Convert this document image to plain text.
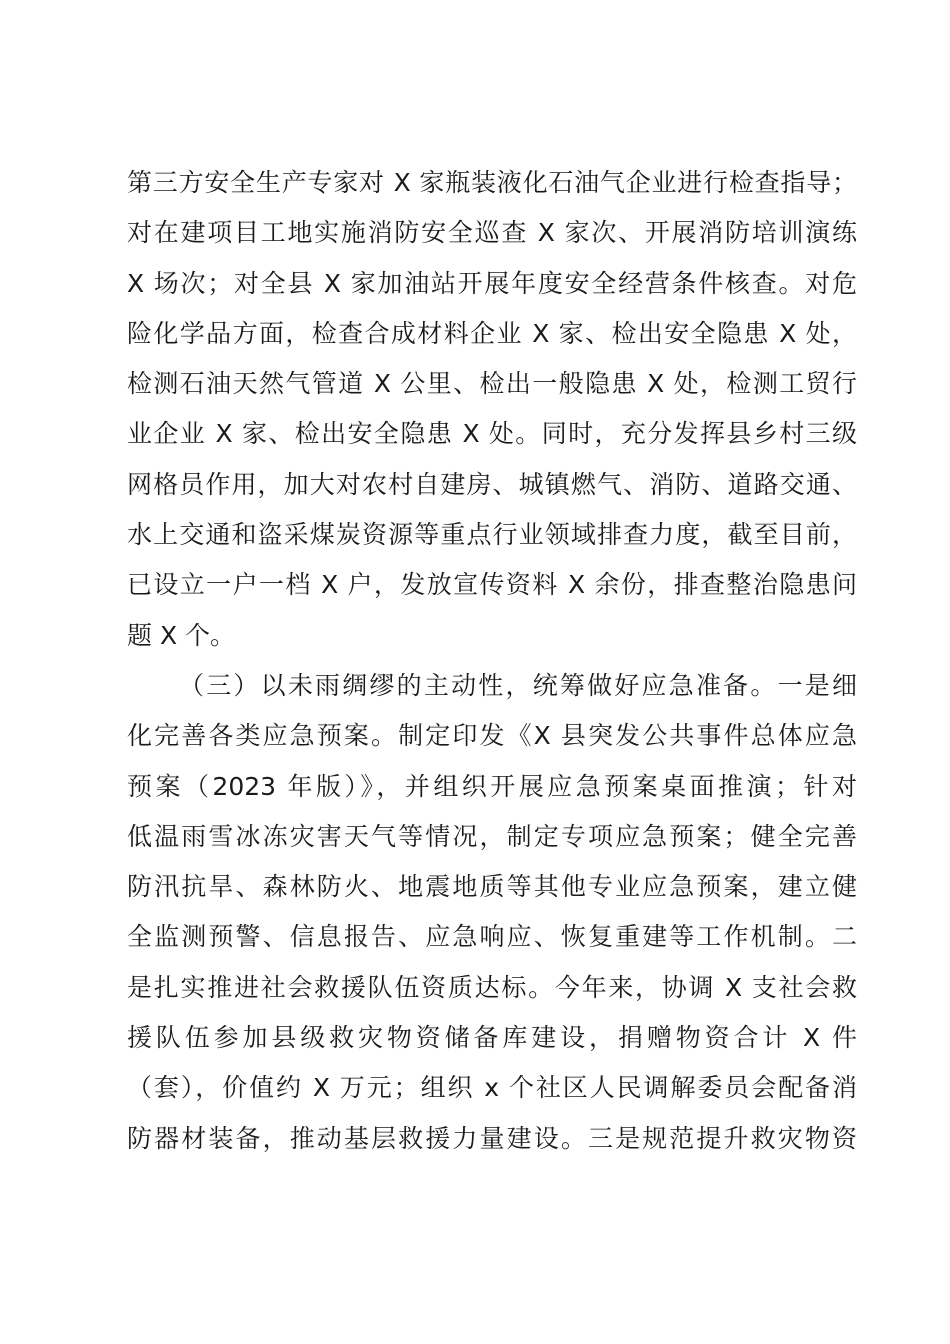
第三方安全生产专家对 X 家瓶装液化石油气企业进行检查指导；
对在建项目工地实施消防安全巡查 X 家次、开展消防培训演练
X 场次；对全县 X 家加油站开展年度安全经营条件核查。对危
险化学品方面，检查合成材料企业 X 家、检出安全隐患 X 处，
检测石油天然气管道 X 公里、检出一般隐患 X 处，检测工贸行
业企业 X 家、检出安全隐患 X 处。同时，充分发挥县乡村三级
网格员作用，加大对农村自建房、城镇燃气、消防、道路交通、
水上交通和盗采煤炭资源等重点行业领域排查力度，截至目前，
已设立一户一档 X 户，发放宣传资料 X 余份，排查整治隐患问
题 X 个。
（三）以未雨绸缪的主动性，统筹做好应急准备。一是细
化完善各类应急预案。制定印发《X 县突发公共事件总体应急
预案（2023 年版）》，并组织开展应急预案桌面推演；针对
低温雨雪冰冻灾害天气等情况，制定专项应急预案；健全完善
防汛抗旱、森林防火、地震地质等其他专业应急预案，建立健
全监测预警、信息报告、应急响应、恢复重建等工作机制。二
是扎实推进社会救援队伍资质达标。今年来，协调 X 支社会救
援队伍参加县级救灾物资储备库建设，捐赠物资合计 X 件
（套），价值约 X 万元；组织 x 个社区人民调解委员会配备消
防器材装备，推动基层救援力量建设。三是规范提升救灾物资
